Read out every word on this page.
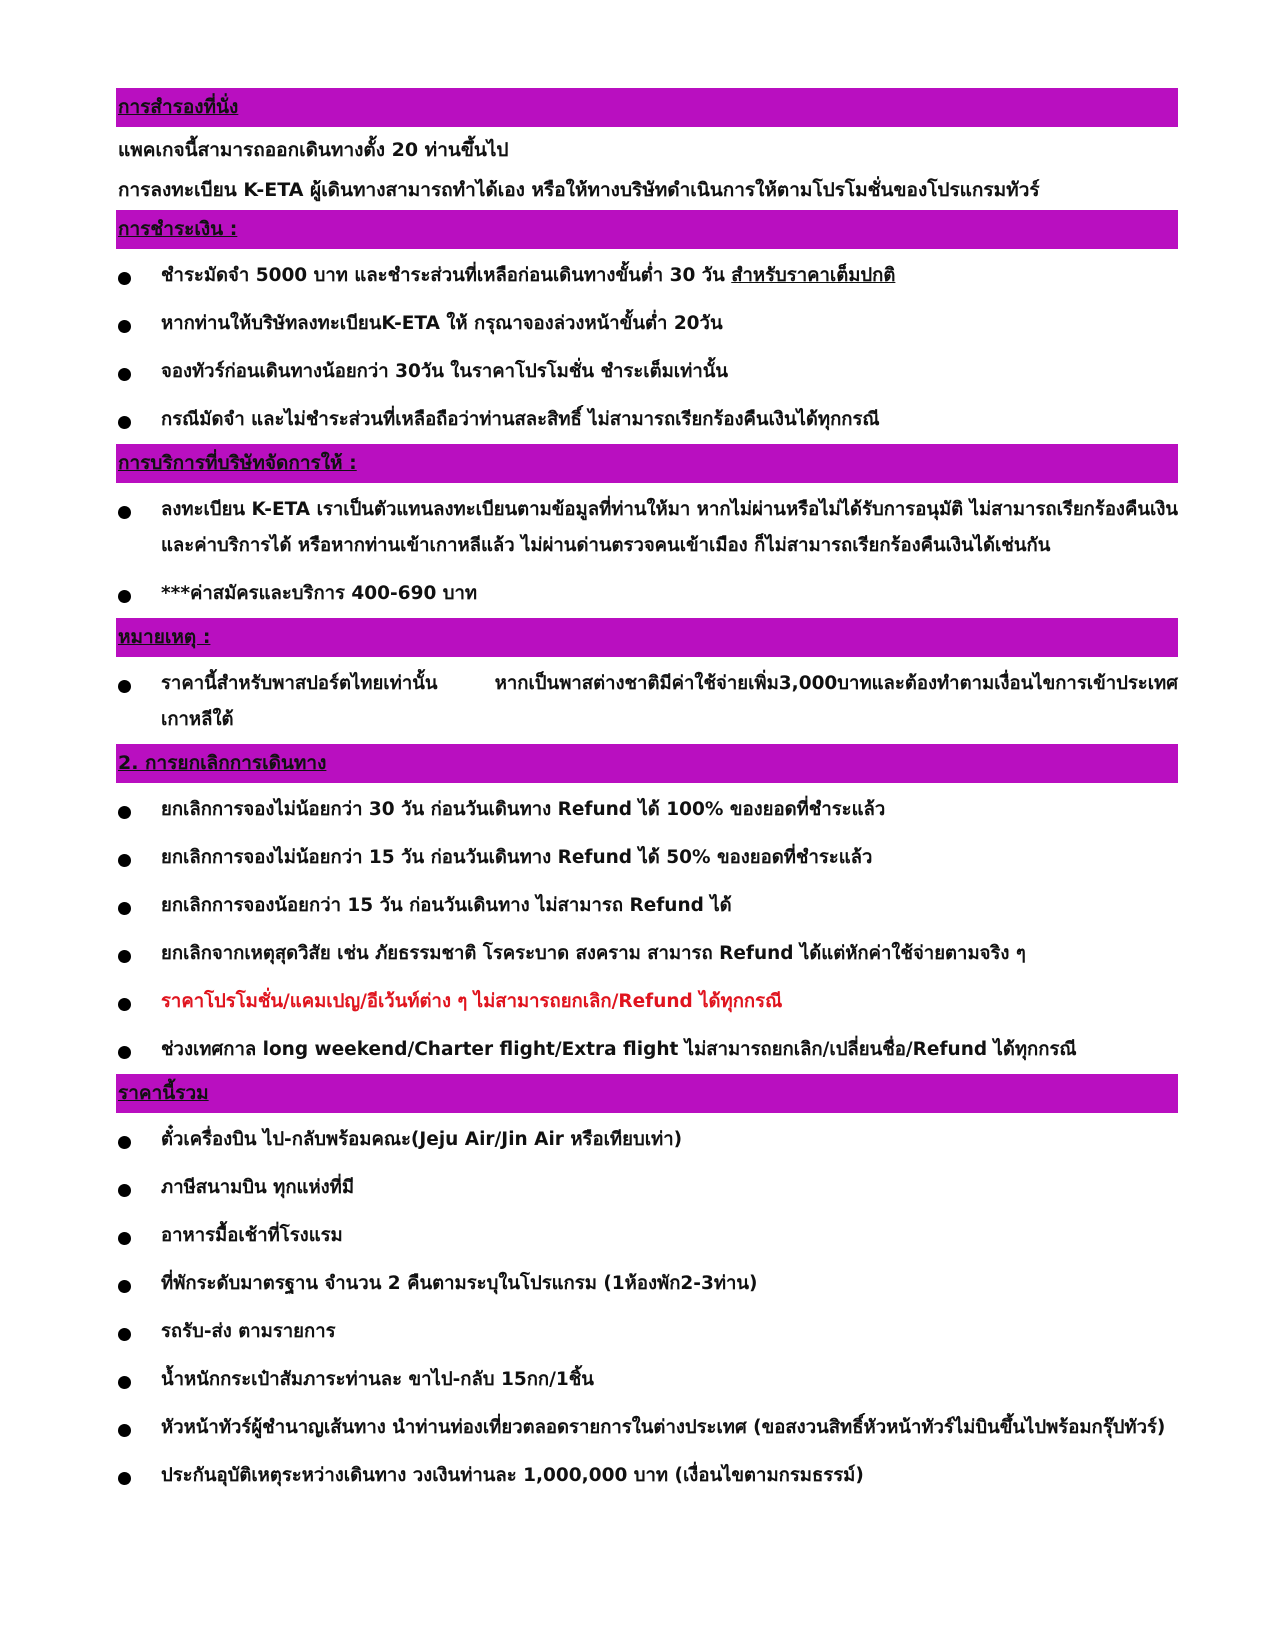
การสำรองที่นั่ง
แพคเกจนี้สามารถออกเดินทางตั้ง 20 ท่านขึ้นไป
การลงทะเบียน K-ETA ผู้เดินทางสามารถทำได้เอง หรือให้ทางบริษัทดำเนินการให้ตามโปรโมชั่นของโปรแกรมทัวร์
การชำระเงิน :
ชำระมัดจำ 5000 บาท และชำระส่วนที่เหลือก่อนเดินทางขั้นต่ำ 30 วัน สำหรับราคาเต็มปกติ
หากท่านให้บริษัทลงทะเบียนK-ETA ให้ กรุณาจองล่วงหน้าขั้นต่ำ 20วัน
จองทัวร์ก่อนเดินทางน้อยกว่า 30วัน ในราคาโปรโมชั่น ชำระเต็มเท่านั้น
กรณีมัดจำ และไม่ชำระส่วนที่เหลือถือว่าท่านสละสิทธิ์ ไม่สามารถเรียกร้องคืนเงินได้ทุกกรณี
การบริการที่บริษัทจัดการให้ :
ลงทะเบียน K-ETA เราเป็นตัวแทนลงทะเบียนตามข้อมูลที่ท่านให้มา หากไม่ผ่านหรือไม่ได้รับการอนุมัติ ไม่สามารถเรียกร้องคืนเงินและค่าบริการได้ หรือหากท่านเข้าเกาหลีแล้ว ไม่ผ่านด่านตรวจคนเข้าเมือง ก็ไม่สามารถเรียกร้องคืนเงินได้เช่นกัน
***ค่าสมัครและบริการ 400-690 บาท
หมายเหตุ :
ราคานี้สำหรับพาสปอร์ตไทยเท่านั้น หากเป็นพาสต่างชาติมีค่าใช้จ่ายเพิ่ม3,000บาทและต้องทำตามเงื่อนไขการเข้าประเทศเกาหลีใต้
2. การยกเลิกการเดินทาง
ยกเลิกการจองไม่น้อยกว่า 30 วัน ก่อนวันเดินทาง Refund ได้ 100% ของยอดที่ชำระแล้ว
ยกเลิกการจองไม่น้อยกว่า 15 วัน ก่อนวันเดินทาง Refund ได้ 50% ของยอดที่ชำระแล้ว
ยกเลิกการจองน้อยกว่า 15 วัน ก่อนวันเดินทาง ไม่สามารถ Refund ได้
ยกเลิกจากเหตุสุดวิสัย เช่น ภัยธรรมชาติ โรคระบาด สงคราม สามารถ Refund ได้แต่หักค่าใช้จ่ายตามจริง ๆ
ราคาโปรโมชั่น/แคมเปญ/อีเว้นท์ต่าง ๆ ไม่สามารถยกเลิก/Refund ได้ทุกกรณี
ช่วงเทศกาล long weekend/Charter flight/Extra flight ไม่สามารถยกเลิก/เปลี่ยนชื่อ/Refund ได้ทุกกรณี
ราคานี้รวม
ตั๋วเครื่องบิน ไป-กลับพร้อมคณะ(Jeju Air/Jin Air หรือเทียบเท่า)
ภาษีสนามบิน ทุกแห่งที่มี
อาหารมื้อเช้าที่โรงแรม
ที่พักระดับมาตรฐาน จำนวน 2 คืนตามระบุในโปรแกรม (1ห้องพัก2-3ท่าน)
รถรับ-ส่ง ตามรายการ
น้ำหนักกระเป๋าสัมภาระท่านละ ขาไป-กลับ 15กก/1ชิ้น
หัวหน้าทัวร์ผู้ชำนาญเส้นทาง นำท่านท่องเที่ยวตลอดรายการในต่างประเทศ (ขอสงวนสิทธิ์หัวหน้าทัวร์ไม่บินขึ้นไปพร้อมกรุ๊ปทัวร์)
ประกันอุบัติเหตุระหว่างเดินทาง วงเงินท่านละ 1,000,000 บาท (เงื่อนไขตามกรมธรรม์)
